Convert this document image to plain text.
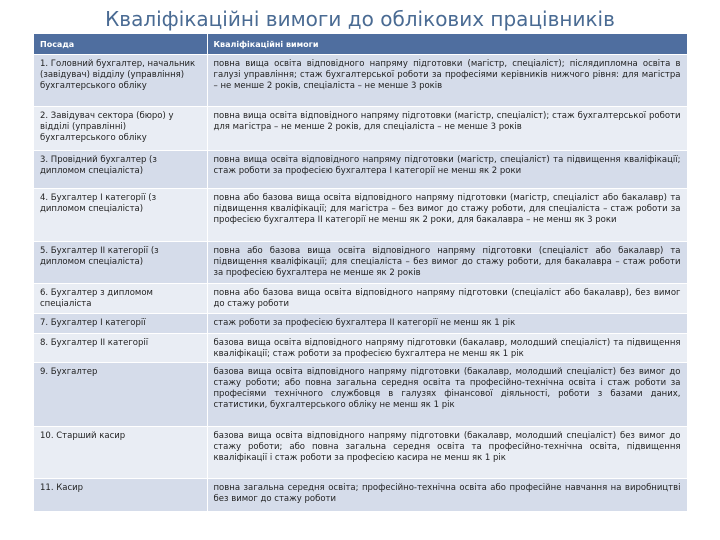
Кваліфікаційні вимоги до облікових працівників
Посада	Кваліфікаційні вимоги
1. Головний бухгалтер, начальник (завідувач) відділу (управління) бухгалтерського обліку	повна вища освіта відповідного напряму підготовки (магістр, спеціаліст); післядипломна освіта в галузі управління; стаж бухгалтерської роботи за професіями керівників нижчого рівня: для магістра – не менше 2 років, спеціаліста – не менше 3 років
2. Завідувач сектора (бюро) у відділі (управлінні) бухгалтерського обліку	повна вища освіта відповідного напряму підготовки (магістр, спеціаліст); стаж бухгалтерської роботи для магістра – не менше 2 років, для спеціаліста – не менше 3 років
3. Провідний бухгалтер (з дипломом спеціаліста)	повна вища освіта відповідного напряму підготовки (магістр, спеціаліст) та підвищення кваліфікації; стаж роботи за професією бухгалтера I категорії не менш як 2 роки
4. Бухгалтер I категорії (з дипломом спеціаліста)	повна або базова вища освіта відповідного напряму підготовки (магістр, спеціаліст або бакалавр) та підвищення кваліфікації; для магістра – без вимог до стажу роботи, для спеціаліста – стаж роботи за професією бухгалтера II категорії не менш як 2 роки, для бакалавра – не менш як 3 роки
5. Бухгалтер II категорії (з дипломом спеціаліста)	повна або базова вища освіта відповідного напряму підготовки (спеціаліст або бакалавр) та підвищення кваліфікації; для спеціаліста – без вимог до стажу роботи, для бакалавра – стаж роботи за професією бухгалтера не менше як 2 років
6. Бухгалтер з дипломом спеціаліста	повна або базова вища освіта відповідного напряму підготовки (спеціаліст або бакалавр), без вимог до стажу роботи
7. Бухгалтер I категорії	стаж роботи за професією бухгалтера II категорії не менш як 1 рік
8. Бухгалтер II категорії	базова вища освіта відповідного напряму підготовки (бакалавр, молодший спеціаліст) та підвищення кваліфікації; стаж роботи за професією бухгалтера не менш як 1 рік
9. Бухгалтер	базова вища освіта відповідного напряму підготовки (бакалавр, молодший спеціаліст) без вимог до стажу роботи; або повна загальна середня освіта та професійно-технічна освіта і стаж роботи за професіями технічного службовця в галузях фінансової діяльності, роботи з базами даних, статистики, бухгалтерського обліку не менш як 1 рік
10. Старший касир	базова вища освіта відповідного напряму підготовки (бакалавр, молодший спеціаліст) без вимог до стажу роботи; або повна загальна середня освіта та професійно-технічна освіта, підвищення кваліфікації і стаж роботи за професією касира не менш як 1 рік
11. Касир	повна загальна середня освіта; професійно-технічна освіта або професійне навчання на виробництві без вимог до стажу роботи
